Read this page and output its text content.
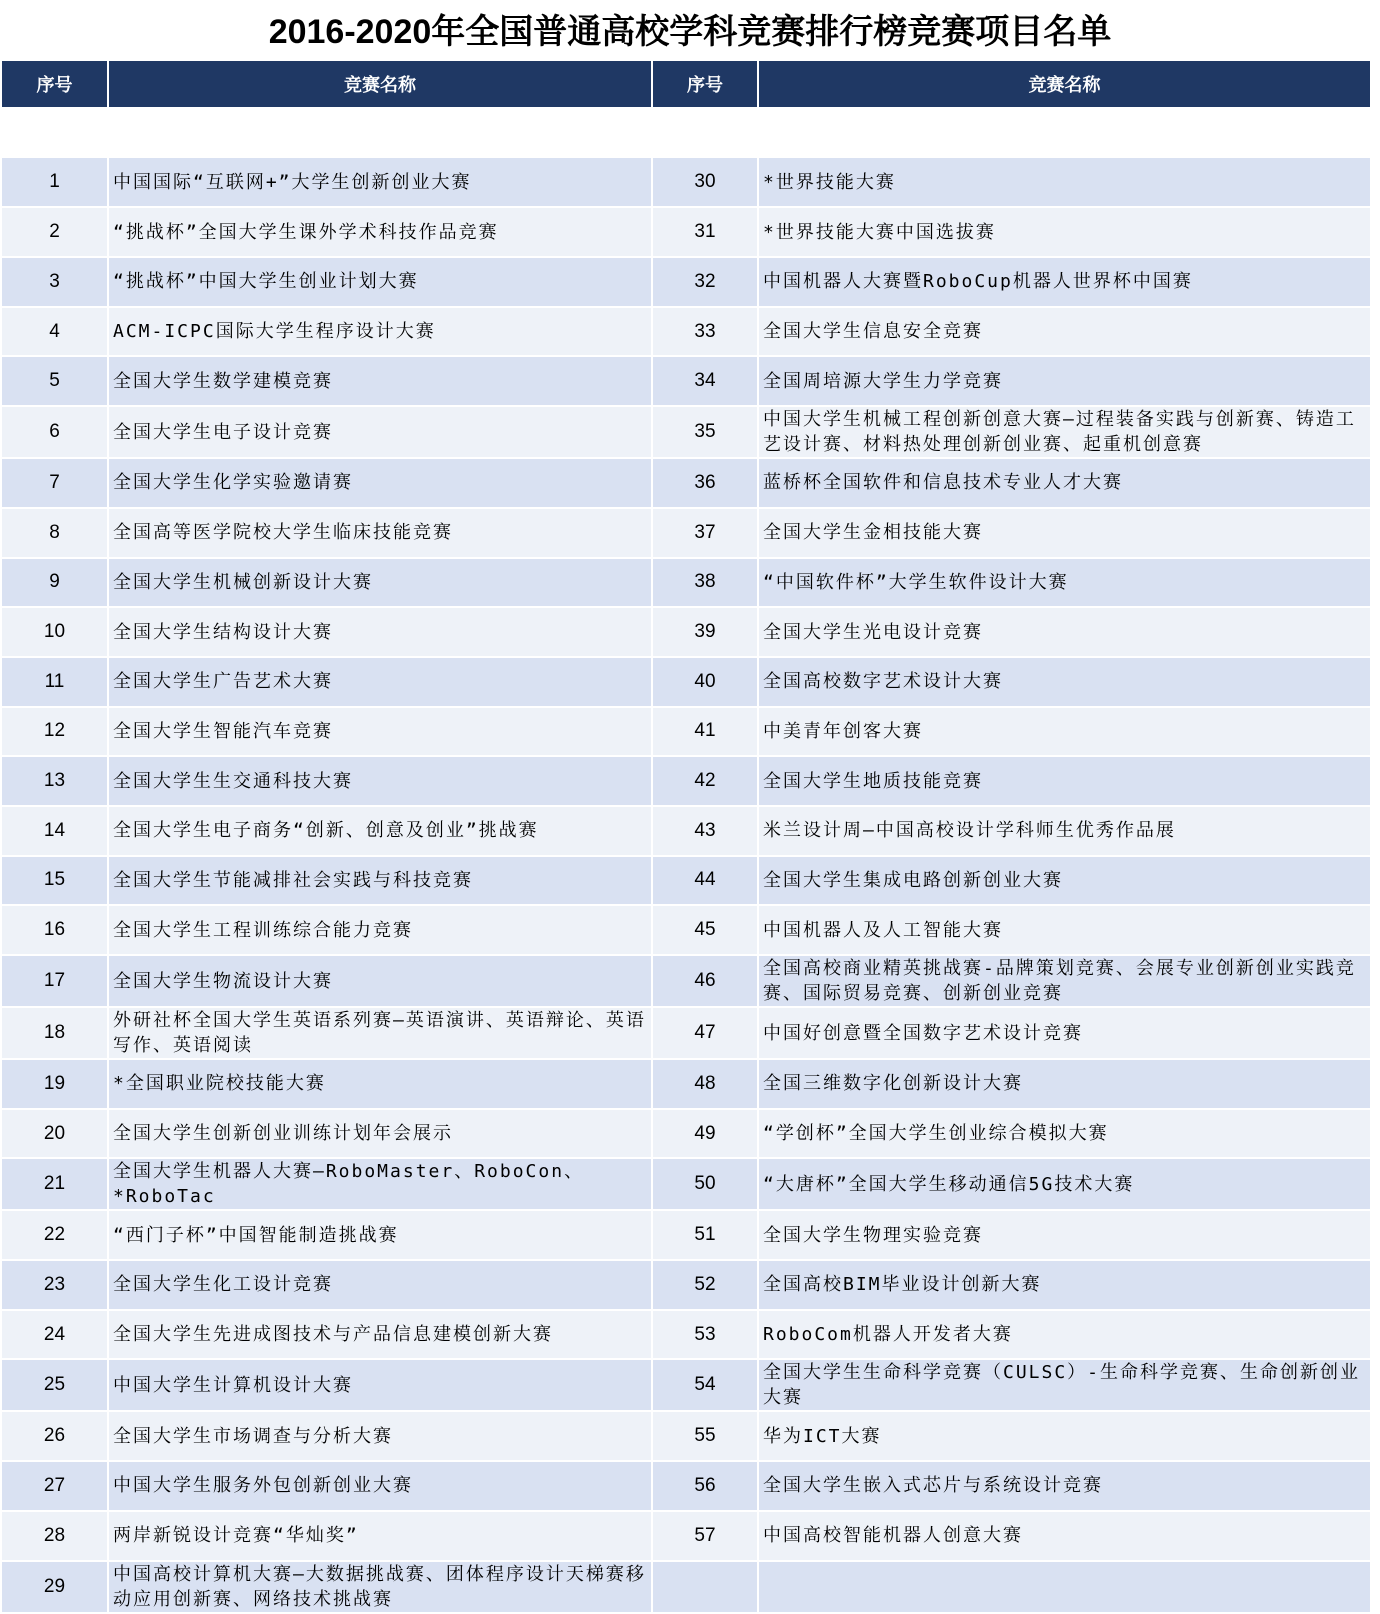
2016-2020年全国普通高校学科竞赛排行榜竞赛项目名单
序号	竞赛名称	序号	竞赛名称

1	中国国际“互联网+”大学生创新创业大赛	30	*世界技能大赛
2	“挑战杯”全国大学生课外学术科技作品竞赛	31	*世界技能大赛中国选拔赛
3	“挑战杯”中国大学生创业计划大赛	32	中国机器人大赛暨RoboCup机器人世界杯中国赛
4	ACM-ICPC国际大学生程序设计大赛	33	全国大学生信息安全竞赛
5	全国大学生数学建模竞赛	34	全国周培源大学生力学竞赛
6	全国大学生电子设计竞赛	35	中国大学生机械工程创新创意大赛—过程装备实践与创新赛、铸造工艺设计赛、材料热处理创新创业赛、起重机创意赛
7	全国大学生化学实验邀请赛	36	蓝桥杯全国软件和信息技术专业人才大赛
8	全国高等医学院校大学生临床技能竞赛	37	全国大学生金相技能大赛
9	全国大学生机械创新设计大赛	38	“中国软件杯”大学生软件设计大赛
10	全国大学生结构设计大赛	39	全国大学生光电设计竞赛
11	全国大学生广告艺术大赛	40	全国高校数字艺术设计大赛
12	全国大学生智能汽车竞赛	41	中美青年创客大赛
13	全国大学生生交通科技大赛	42	全国大学生地质技能竞赛
14	全国大学生电子商务“创新、创意及创业”挑战赛	43	米兰设计周—中国高校设计学科师生优秀作品展
15	全国大学生节能减排社会实践与科技竞赛	44	全国大学生集成电路创新创业大赛
16	全国大学生工程训练综合能力竞赛	45	中国机器人及人工智能大赛
17	全国大学生物流设计大赛	46	全国高校商业精英挑战赛-品牌策划竞赛、会展专业创新创业实践竞赛、国际贸易竞赛、创新创业竞赛
18	外研社杯全国大学生英语系列赛—英语演讲、英语辩论、英语写作、英语阅读	47	中国好创意暨全国数字艺术设计竞赛
19	*全国职业院校技能大赛	48	全国三维数字化创新设计大赛
20	全国大学生创新创业训练计划年会展示	49	“学创杯”全国大学生创业综合模拟大赛
21	全国大学生机器人大赛—RoboMaster、RoboCon、*RoboTac	50	“大唐杯”全国大学生移动通信5G技术大赛
22	“西门子杯”中国智能制造挑战赛	51	全国大学生物理实验竞赛
23	全国大学生化工设计竞赛	52	全国高校BIM毕业设计创新大赛
24	全国大学生先进成图技术与产品信息建模创新大赛	53	RoboCom机器人开发者大赛
25	中国大学生计算机设计大赛	54	全国大学生生命科学竞赛（CULSC）-生命科学竞赛、生命创新创业大赛
26	全国大学生市场调查与分析大赛	55	华为ICT大赛
27	中国大学生服务外包创新创业大赛	56	全国大学生嵌入式芯片与系统设计竞赛
28	两岸新锐设计竞赛“华灿奖”	57	中国高校智能机器人创意大赛
29	中国高校计算机大赛—大数据挑战赛、团体程序设计天梯赛移动应用创新赛、网络技术挑战赛		
